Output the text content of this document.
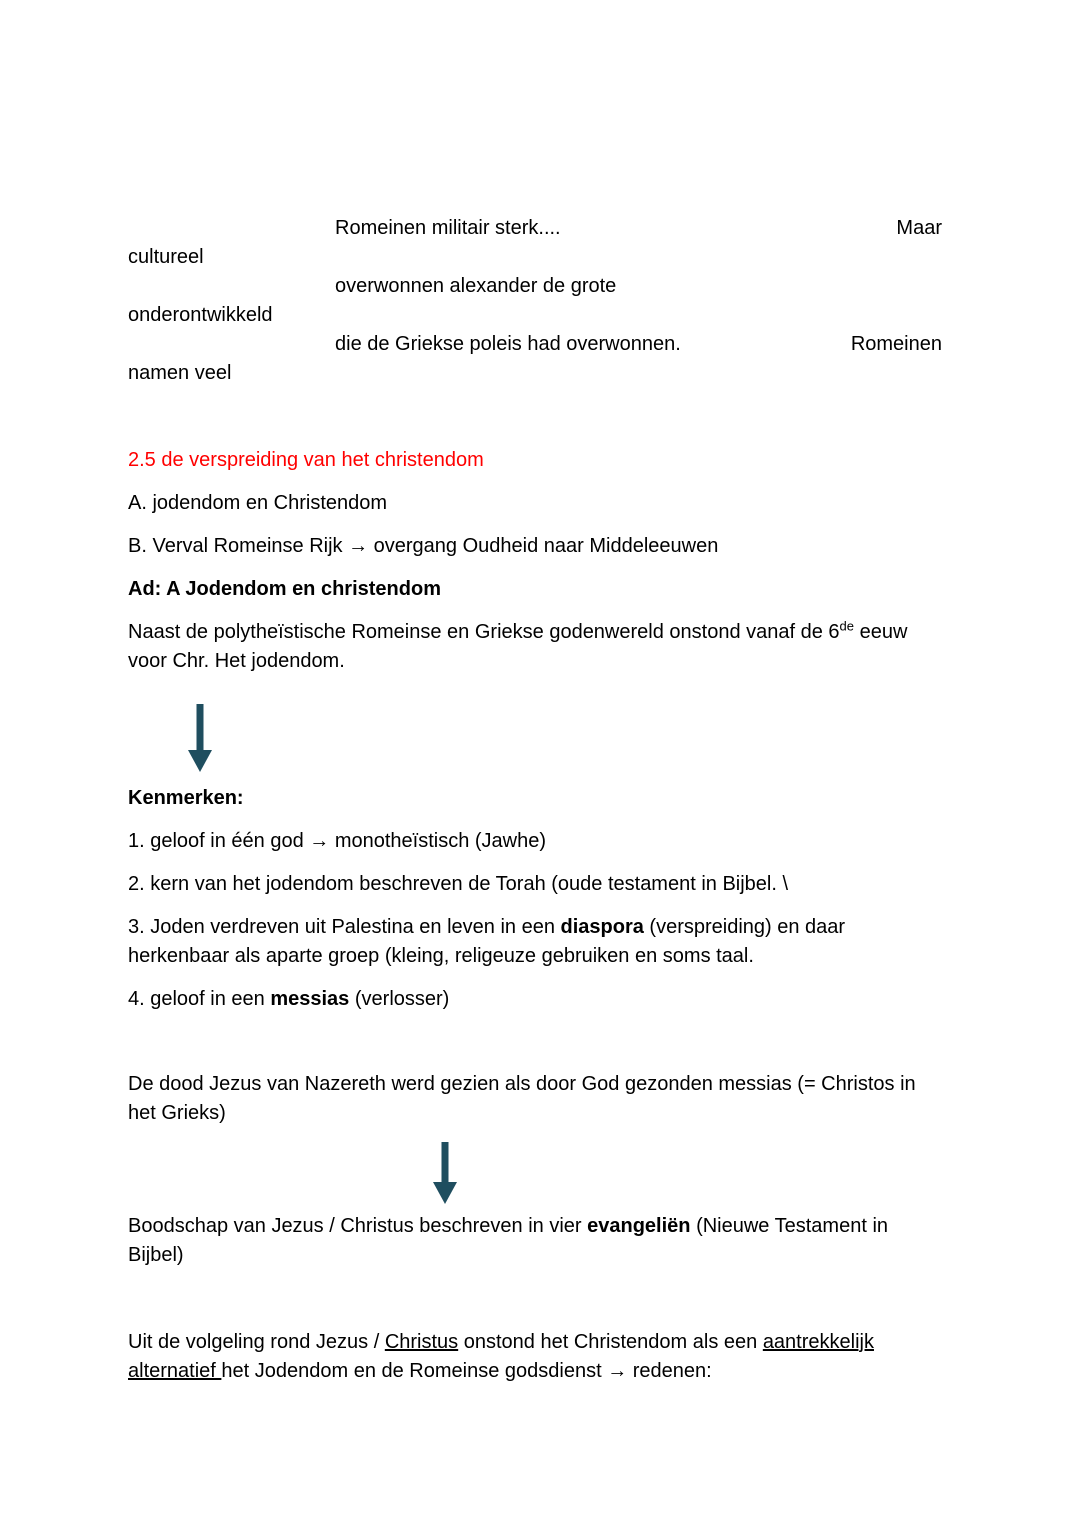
Romeinen militair sterk....	Maar
cultureel
overwonnen alexander de grote
onderontwikkeld
die de Griekse poleis had overwonnen.	Romeinen
namen veel
2.5 de verspreiding van het christendom

A. jodendom en Christendom

B. Verval Romeinse Rijk → overgang Oudheid naar Middeleeuwen

Ad: A Jodendom en christendom

Naast de polytheïstische Romeinse en Griekse godenwereld onstond vanaf de 6de eeuw voor Chr. Het jodendom.

Kenmerken:

1. geloof in één god → monotheïstisch (Jawhe)

2. kern van het jodendom beschreven de Torah (oude testament in Bijbel. \

3. Joden verdreven uit Palestina en leven in een diaspora (verspreiding) en daar herkenbaar als aparte groep (kleing, religeuze gebruiken en soms taal.

4. geloof in een messias (verlosser)

De dood Jezus van Nazereth werd gezien als door God gezonden messias (= Christos in het Grieks)

Boodschap van Jezus / Christus beschreven in vier evangeliën (Nieuwe Testament in Bijbel)

Uit de volgeling rond Jezus / Christus onstond het Christendom als een aantrekkelijk alternatief het Jodendom en de Romeinse godsdienst → redenen:
